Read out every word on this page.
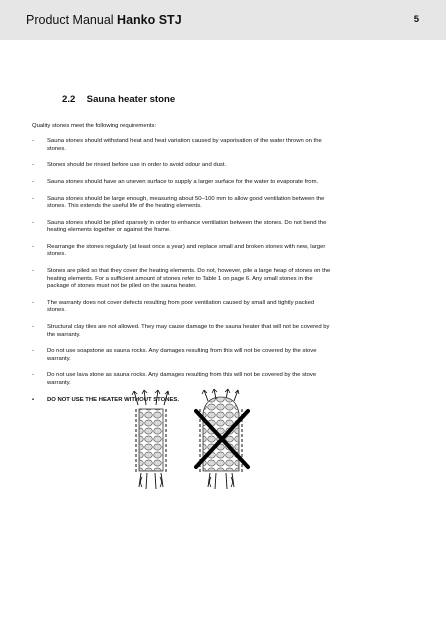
Product Manual Hanko STJ	5
2.2 Sauna heater stone
Quality stones meet the following requirements:
- Sauna stones should withstand heat and heat variation caused by vaporisation of the water thrown on the
stones.
- Stones should be rinsed before use in order to avoid odour and dust.
- Sauna stones should have an uneven surface to supply a larger surface for the water to evaporate from.
- Sauna stones should be large enough, measuring about 50–100 mm to allow good ventilation between the
stones. This extends the useful life of the heating elements.
- Sauna stones should be piled sparsely in order to enhance ventilation between the stones. Do not bend the
heating elements together or against the frame.
- Rearrange the stones regularly (at least once a year) and replace small and broken stones with new, larger
stones.
- Stones are piled so that they cover the heating elements. Do not, however, pile a large heap of stones on the
heating elements. For a sufficient amount of stones refer to Table 1 on page 6. Any small stones in the
package of stones must not be piled on the sauna heater.
- The warranty does not cover defects resulting from poor ventilation caused by small and tightly packed
stones.
- Structural clay tiles are not allowed. They may cause damage to the sauna heater that will not be covered by
the warranty.
- Do not use soapstone as sauna rocks. Any damages resulting from this will not be covered by the stove
warranty.
- Do not use lava stone as sauna rocks. Any damages resulting from this will not be covered by the stove
warranty.
• DO NOT USE THE HEATER WITHOUT STONES.
